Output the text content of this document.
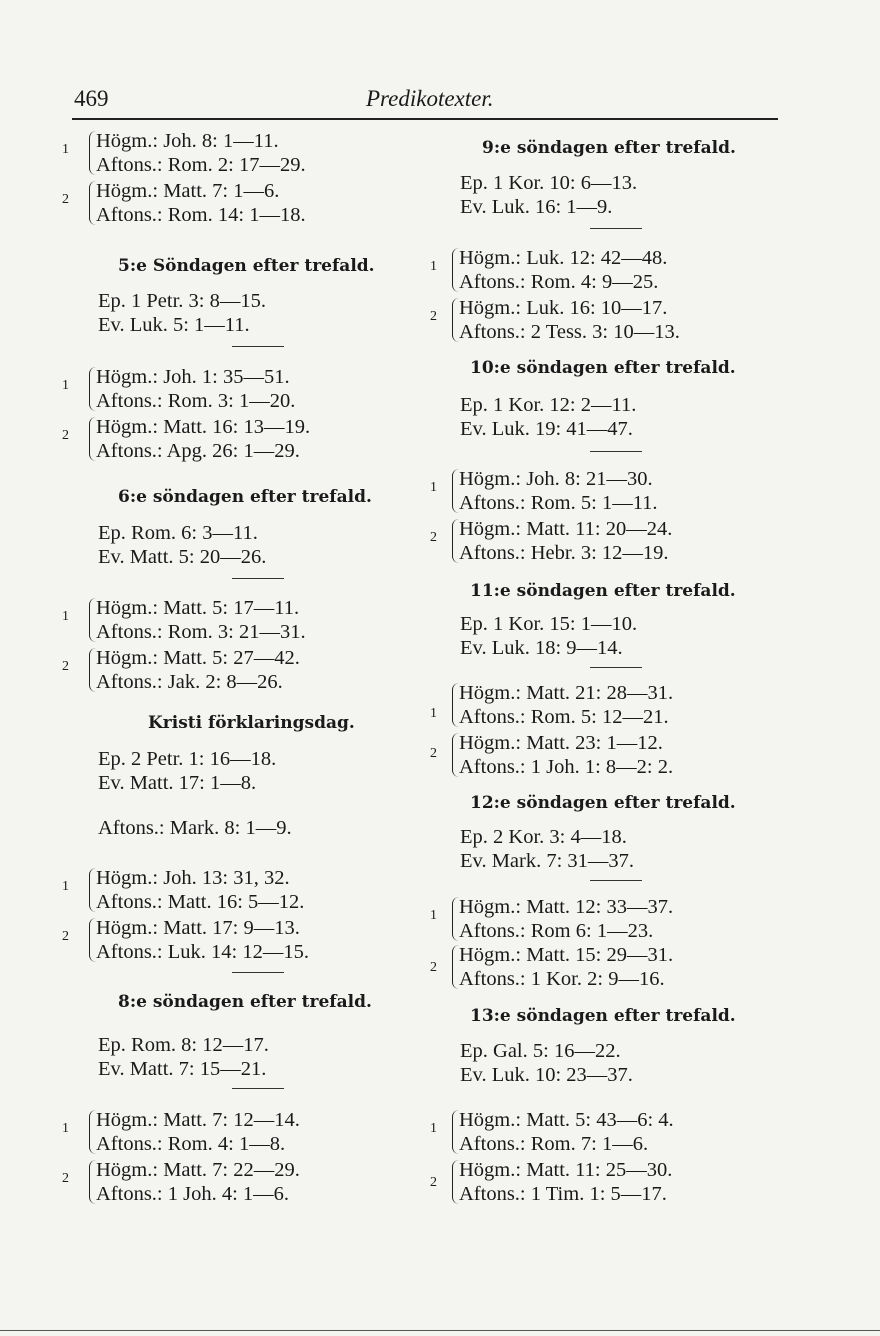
469	Predikotexter.
1 Högm.: Joh. 8: 1—11.
Aftons.: Rom. 2: 17—29.
2 Högm.: Matt. 7: 1—6.
Aftons.: Rom. 14: 1—18.
5:e Söndagen efter trefald.
Ep. 1 Petr. 3: 8—15.
Ev. Luk. 5: 1—11.
1 Högm.: Joh. 1: 35—51.
Aftons.: Rom. 3: 1—20.
2 Högm.: Matt. 16: 13—19.
Aftons.: Apg. 26: 1—29.
6:e söndagen efter trefald.
Ep. Rom. 6: 3—11.
Ev. Matt. 5: 20—26.
1 Högm.: Matt. 5: 17—11.
Aftons.: Rom. 3: 21—31.
2 Högm.: Matt. 5: 27—42.
Aftons.: Jak. 2: 8—26.
Kristi förklaringsdag.
Ep. 2 Petr. 1: 16—18.
Ev. Matt. 17: 1—8.
Aftons.: Mark. 8: 1—9.
1 Högm.: Joh. 13: 31, 32.
Aftons.: Matt. 16: 5—12.
2 Högm.: Matt. 17: 9—13.
Aftons.: Luk. 14: 12—15.
8:e söndagen efter trefald.
Ep. Rom. 8: 12—17.
Ev. Matt. 7: 15—21.
1 Högm.: Matt. 7: 12—14.
Aftons.: Rom. 4: 1—8.
2 Högm.: Matt. 7: 22—29.
Aftons.: 1 Joh. 4: 1—6.
9:e söndagen efter trefald.
Ep. 1 Kor. 10: 6—13.
Ev. Luk. 16: 1—9.
1 Högm.: Luk. 12: 42—48.
Aftons.: Rom. 4: 9—25.
2 Högm.: Luk. 16: 10—17.
Aftons.: 2 Tess. 3: 10—13.
10:e söndagen efter trefald.
Ep. 1 Kor. 12: 2—11.
Ev. Luk. 19: 41—47.
1 Högm.: Joh. 8: 21—30.
Aftons.: Rom. 5: 1—11.
2 Högm.: Matt. 11: 20—24.
Aftons.: Hebr. 3: 12—19.
11:e söndagen efter trefald.
Ep. 1 Kor. 15: 1—10.
Ev. Luk. 18: 9—14.
1
Högm.: Matt. 21: 28—31.
Aftons.: Rom. 5: 12—21.
2 Högm.: Matt. 23: 1—12.
Aftons.: 1 Joh. 1: 8—2: 2.
12:e söndagen efter trefald.
Ep. 2 Kor. 3: 4—18.
Ev. Mark. 7: 31—37.
1 Högm.: Matt. 12: 33—37.
Aftons.: Rom 6: 1—23.
2
Högm.: Matt. 15: 29—31.
Aftons.: 1 Kor. 2: 9—16.
13:e söndagen efter trefald.
Ep. Gal. 5: 16—22.
Ev. Luk. 10: 23—37.
1 Högm.: Matt. 5: 43—6: 4.
Aftons.: Rom. 7: 1—6.
2
Högm.: Matt. 11: 25—30.
Aftons.: 1 Tim. 1: 5—17.
